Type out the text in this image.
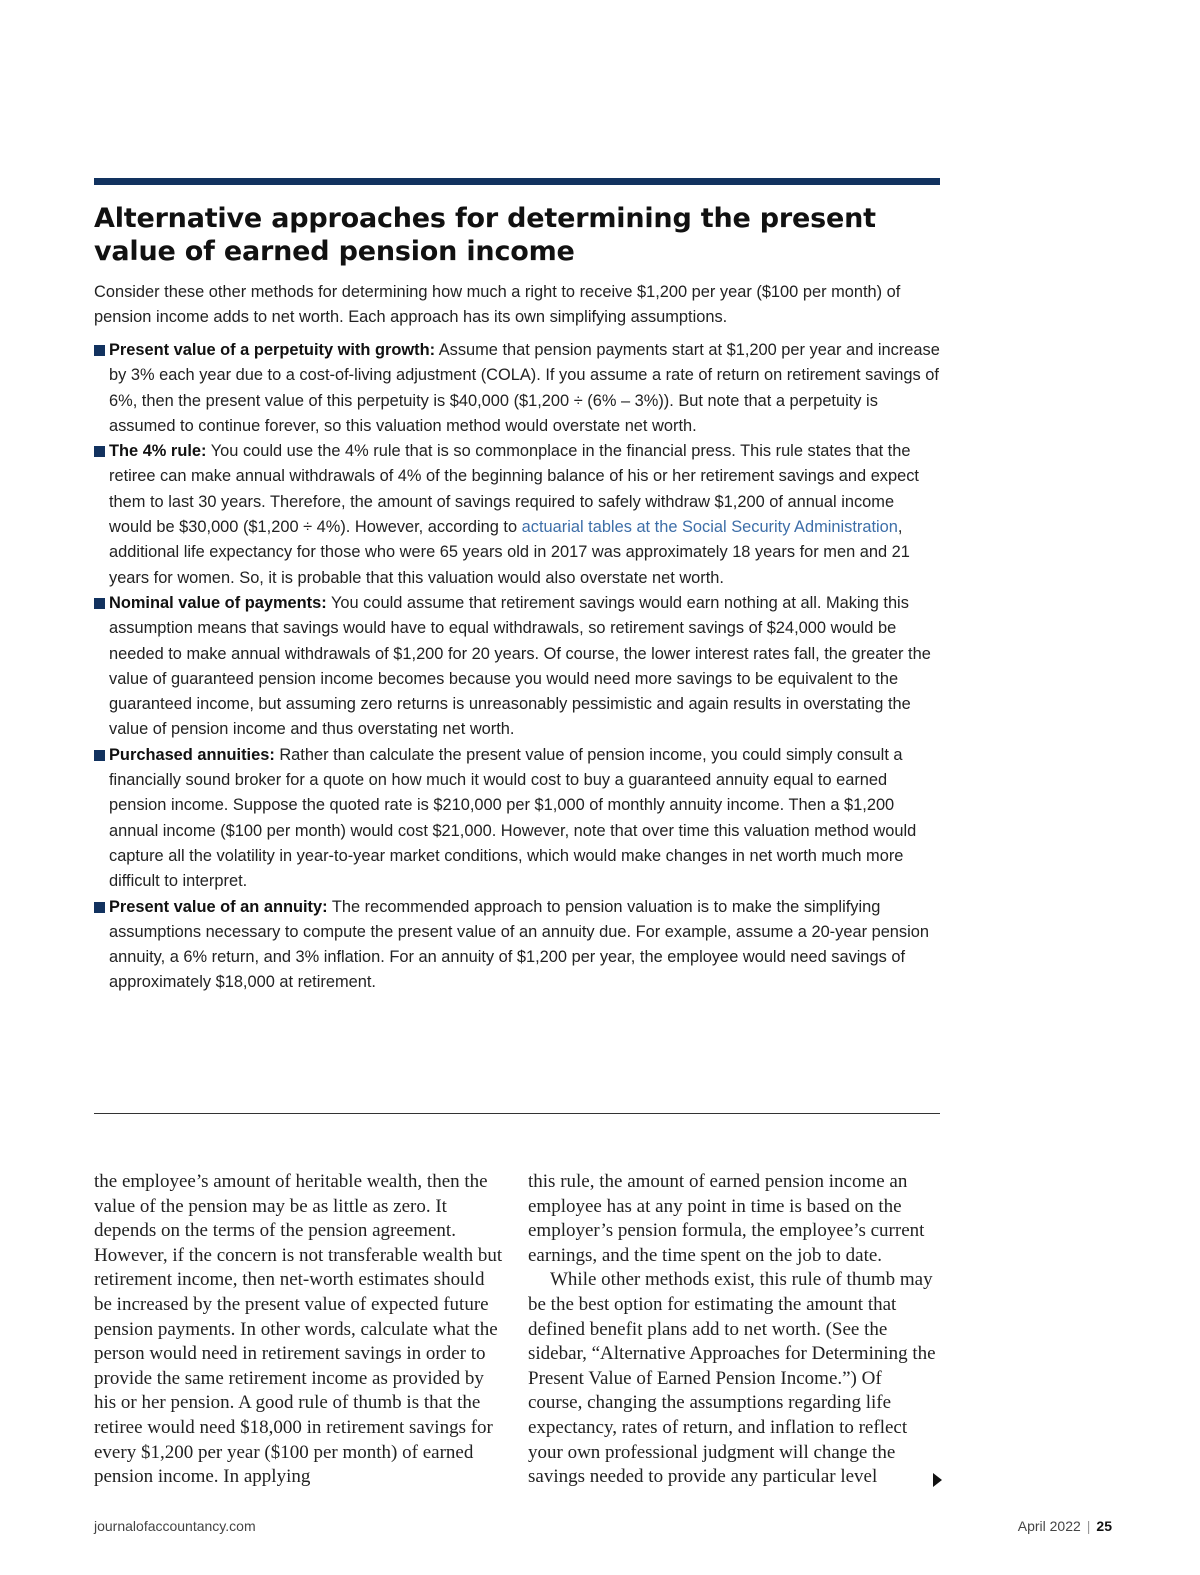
Alternative approaches for determining the present value of earned pension income

Consider these other methods for determining how much a right to receive $1,200 per year ($100 per month) of pension income adds to net worth. Each approach has its own simplifying assumptions.

Present value of a perpetuity with growth: Assume that pension payments start at $1,200 per year and increase by 3% each year due to a cost-of-living adjustment (COLA). If you assume a rate of return on retirement savings of 6%, then the present value of this perpetuity is $40,000 ($1,200 ÷ (6% – 3%)). But note that a perpetuity is assumed to continue forever, so this valuation method would overstate net worth.
The 4% rule: You could use the 4% rule that is so commonplace in the financial press. This rule states that the retiree can make annual withdrawals of 4% of the beginning balance of his or her retirement savings and expect them to last 30 years. Therefore, the amount of savings required to safely withdraw $1,200 of annual income would be $30,000 ($1,200 ÷ 4%). However, according to actuarial tables at the Social Security Administration, additional life expectancy for those who were 65 years old in 2017 was approximately 18 years for men and 21 years for women. So, it is probable that this valuation would also overstate net worth.
Nominal value of payments: You could assume that retirement savings would earn nothing at all. Making this assumption means that savings would have to equal withdrawals, so retirement savings of $24,000 would be needed to make annual withdrawals of $1,200 for 20 years. Of course, the lower interest rates fall, the greater the value of guaranteed pension income becomes because you would need more savings to be equivalent to the guaranteed income, but assuming zero returns is unreasonably pessimistic and again results in overstating the value of pension income and thus overstating net worth.
Purchased annuities: Rather than calculate the present value of pension income, you could simply consult a financially sound broker for a quote on how much it would cost to buy a guaranteed annuity equal to earned pension income. Suppose the quoted rate is $210,000 per $1,000 of monthly annuity income. Then a $1,200 annual income ($100 per month) would cost $21,000. However, note that over time this valuation method would capture all the volatility in year-to-year market conditions, which would make changes in net worth much more difficult to interpret.
Present value of an annuity: The recommended approach to pension valuation is to make the simplifying assumptions necessary to compute the present value of an annuity due. For example, assume a 20-year pension annuity, a 6% return, and 3% inflation. For an annuity of $1,200 per year, the employee would need savings of approximately $18,000 at retirement.

the employee’s amount of heritable wealth, then the value of the pension may be as little as zero. It depends on the terms of the pension agreement. However, if the concern is not transferable wealth but retirement income, then net-worth estimates should be increased by the present value of expected future pension payments. In other words, calculate what the person would need in retirement savings in order to provide the same retirement income as provided by his or her pension. A good rule of thumb is that the retiree would need $18,000 in retirement savings for every $1,200 per year ($100 per month) of earned pension income. In applying

this rule, the amount of earned pension income an employee has at any point in time is based on the employer’s pension formula, the employee’s current earnings, and the time spent on the job to date.

While other methods exist, this rule of thumb may be the best option for estimating the amount that defined benefit plans add to net worth. (See the sidebar, “Alternative Approaches for Determining the Present Value of Earned Pension Income.”) Of course, changing the assumptions regarding life expectancy, rates of return, and inflation to reflect your own professional judgment will change the savings needed to provide any particular level

journalofaccountancy.com	April 2022 | 25
